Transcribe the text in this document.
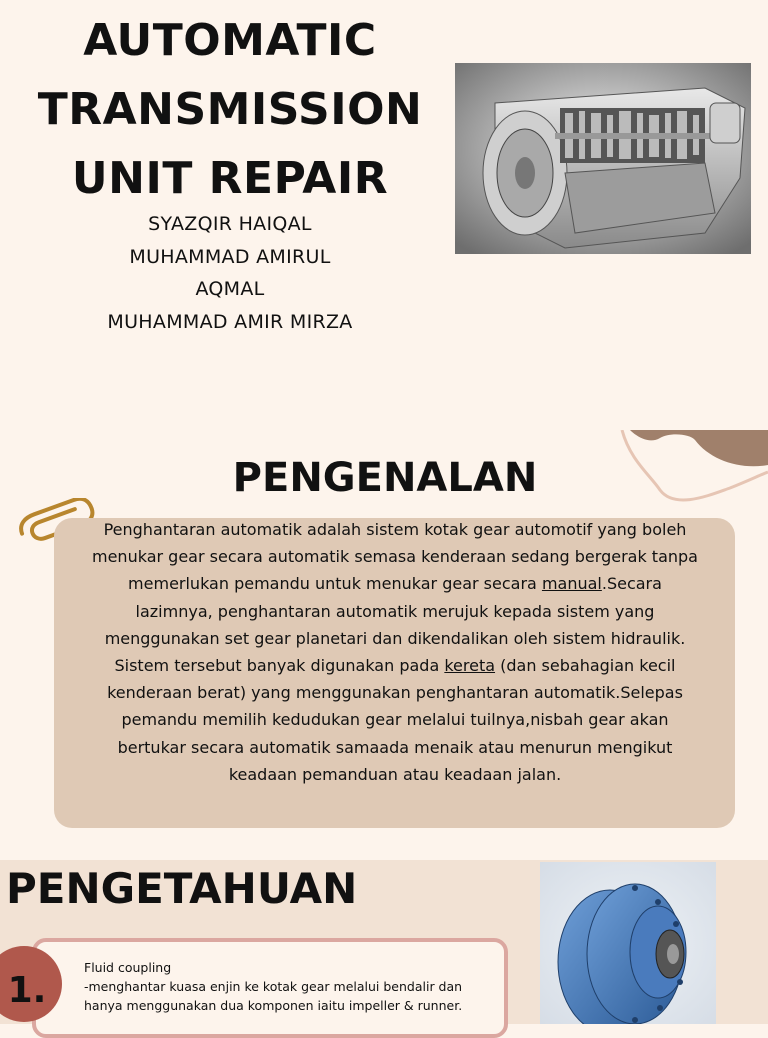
AUTOMATIC
TRANSMISSION
UNIT REPAIR
SYAZQIR HAIQAL
MUHAMMAD AMIRUL
AQMAL
MUHAMMAD AMIR MIRZA
PENGENALAN
Penghantaran automatik adalah sistem kotak gear automotif yang boleh menukar gear secara automatik semasa kenderaan sedang bergerak tanpa memerlukan pemandu untuk menukar gear secara manual.Secara lazimnya, penghantaran automatik merujuk kepada sistem yang menggunakan set gear planetari dan dikendalikan oleh sistem hidraulik. Sistem tersebut banyak digunakan pada kereta (dan sebahagian kecil kenderaan berat) yang menggunakan penghantaran automatik.Selepas pemandu memilih kedudukan gear melalui tuilnya,nisbah gear akan bertukar secara automatik samaada menaik atau menurun mengikut keadaan pemanduan atau keadaan jalan.
PENGETAHUAN
1.
Fluid coupling
-menghantar kuasa enjin ke kotak gear melalui bendalir dan hanya menggunakan dua komponen iaitu impeller & runner.
